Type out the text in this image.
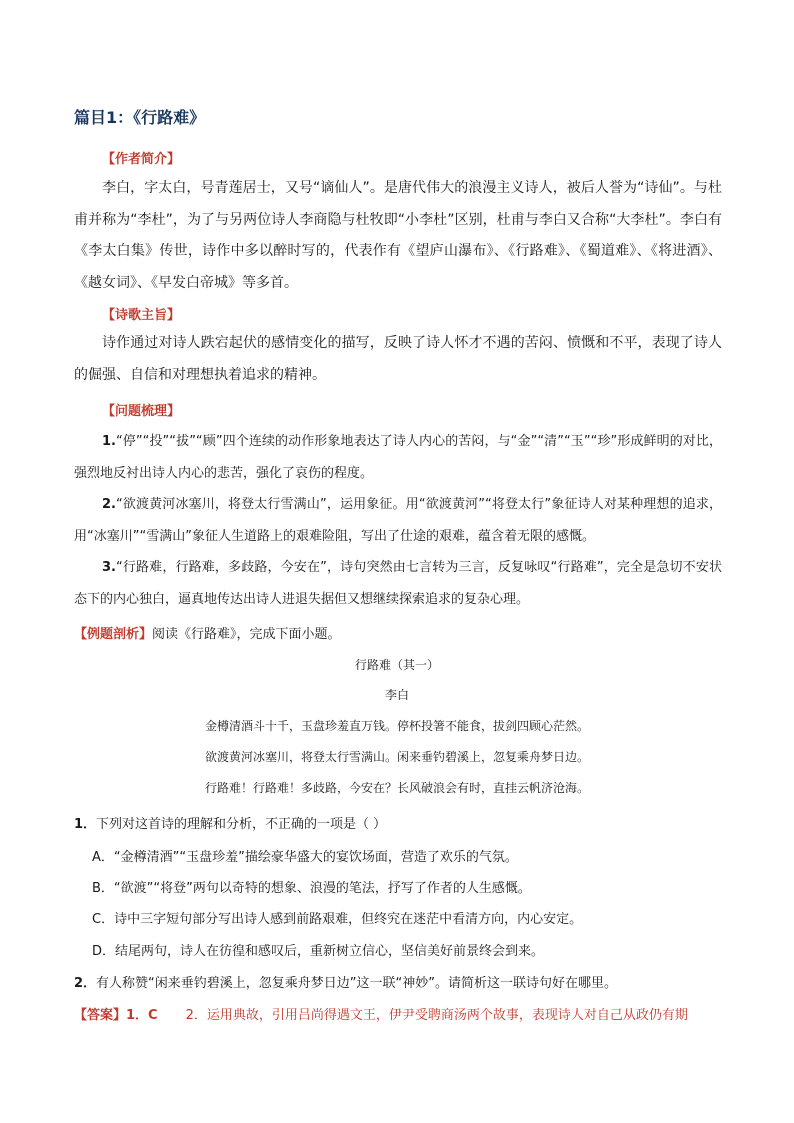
篇目1：《行路难》
【作者简介】
李白，字太白，号青莲居士，又号“谪仙人”。是唐代伟大的浪漫主义诗人，被后人誉为“诗仙”。与杜甫并称为“李杜”，为了与另两位诗人李商隐与杜牧即“小李杜”区别，杜甫与李白又合称“大李杜”。李白有《李太白集》传世，诗作中多以醉时写的，代表作有《望庐山瀑布》、《行路难》、《蜀道难》、《将进酒》、《越女词》、《早发白帝城》等多首。
【诗歌主旨】
诗作通过对诗人跌宕起伏的感情变化的描写，反映了诗人怀才不遇的苦闷、愤慨和不平，表现了诗人的倔强、自信和对理想执着追求的精神。
【问题梳理】
1.“停”“投”“拔”“顾”四个连续的动作形象地表达了诗人内心的苦闷，与“金”“清”“玉”“珍”形成鲜明的对比，强烈地反衬出诗人内心的悲苦，强化了哀伤的程度。
2.“欲渡黄河冰塞川，将登太行雪满山”，运用象征。用“欲渡黄河”“将登太行”象征诗人对某种理想的追求，用“冰塞川”“雪满山”象征人生道路上的艰难险阻，写出了仕途的艰难，蕴含着无限的感慨。
3.“行路难，行路难，多歧路，今安在”，诗句突然由七言转为三言，反复咏叹“行路难”，完全是急切不安状态下的内心独白，逼真地传达出诗人进退失据但又想继续探索追求的复杂心理。
【例题剖析】阅读《行路难》，完成下面小题。
行路难（其一）
李白
金樽清酒斗十千，玉盘珍羞直万钱。停杯投箸不能食，拔剑四顾心茫然。
欲渡黄河冰塞川，将登太行雪满山。闲来垂钓碧溪上，忽复乘舟梦日边。
行路难！行路难！多歧路，今安在？长风破浪会有时，直挂云帆济沧海。
1．下列对这首诗的理解和分析，不正确的一项是（ ）
A．“金樽清酒”“玉盘珍羞”描绘豪华盛大的宴饮场面，营造了欢乐的气氛。
B．“欲渡”“将登”两句以奇特的想象、浪漫的笔法，抒写了作者的人生感慨。
C．诗中三字短句部分写出诗人感到前路艰难，但终究在迷茫中看清方向，内心安定。
D．结尾两句，诗人在彷徨和感叹后，重新树立信心，坚信美好前景终会到来。
2．有人称赞“闲来垂钓碧溪上，忽复乘舟梦日边”这一联“神妙”。请简析这一联诗句好在哪里。
【答案】1．C 2．运用典故，引用吕尚得遇文王，伊尹受聘商汤两个故事，表现诗人对自己从政仍有期
